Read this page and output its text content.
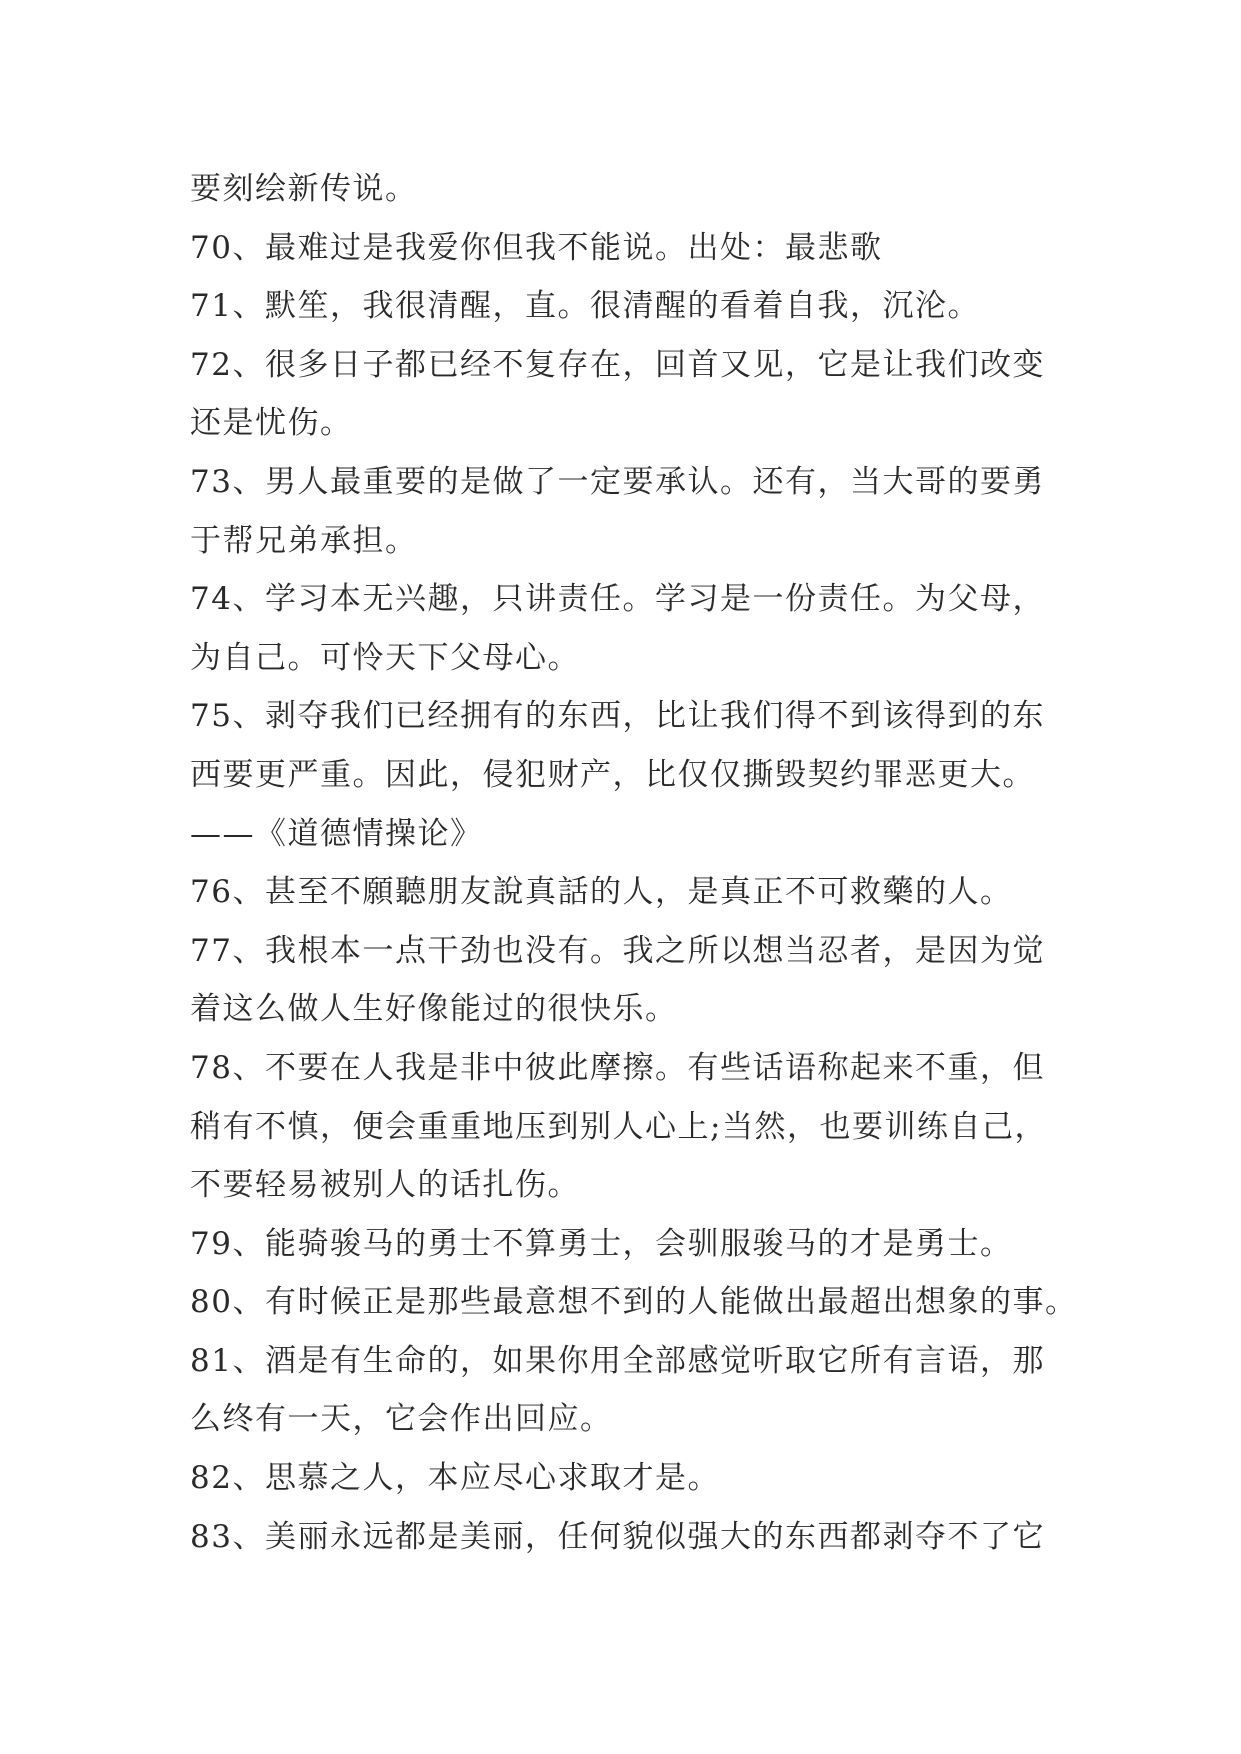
要刻绘新传说。
70、最难过是我爱你但我不能说。出处：最悲歌
71、默笙，我很清醒，直。很清醒的看着自我，沉沦。
72、很多日子都已经不复存在，回首又见，它是让我们改变
还是忧伤。
73、男人最重要的是做了一定要承认。还有，当大哥的要勇
于帮兄弟承担。
74、学习本无兴趣，只讲责任。学习是一份责任。为父母，
为自己。可怜天下父母心。
75、剥夺我们已经拥有的东西，比让我们得不到该得到的东
西要更严重。因此，侵犯财产，比仅仅撕毁契约罪恶更大。
——《道德情操论》
76、甚至不願聽朋友說真話的人，是真正不可救藥的人。
77、我根本一点干劲也没有。我之所以想当忍者，是因为觉
着这么做人生好像能过的很快乐。
78、不要在人我是非中彼此摩擦。有些话语称起来不重，但
稍有不慎，便会重重地压到别人心上;当然，也要训练自己，
不要轻易被别人的话扎伤。
79、能骑骏马的勇士不算勇士，会驯服骏马的才是勇士。
80、有时候正是那些最意想不到的人能做出最超出想象的事。
81、酒是有生命的，如果你用全部感觉听取它所有言语，那
么终有一天，它会作出回应。
82、思慕之人，本应尽心求取才是。
83、美丽永远都是美丽，任何貌似强大的东西都剥夺不了它
